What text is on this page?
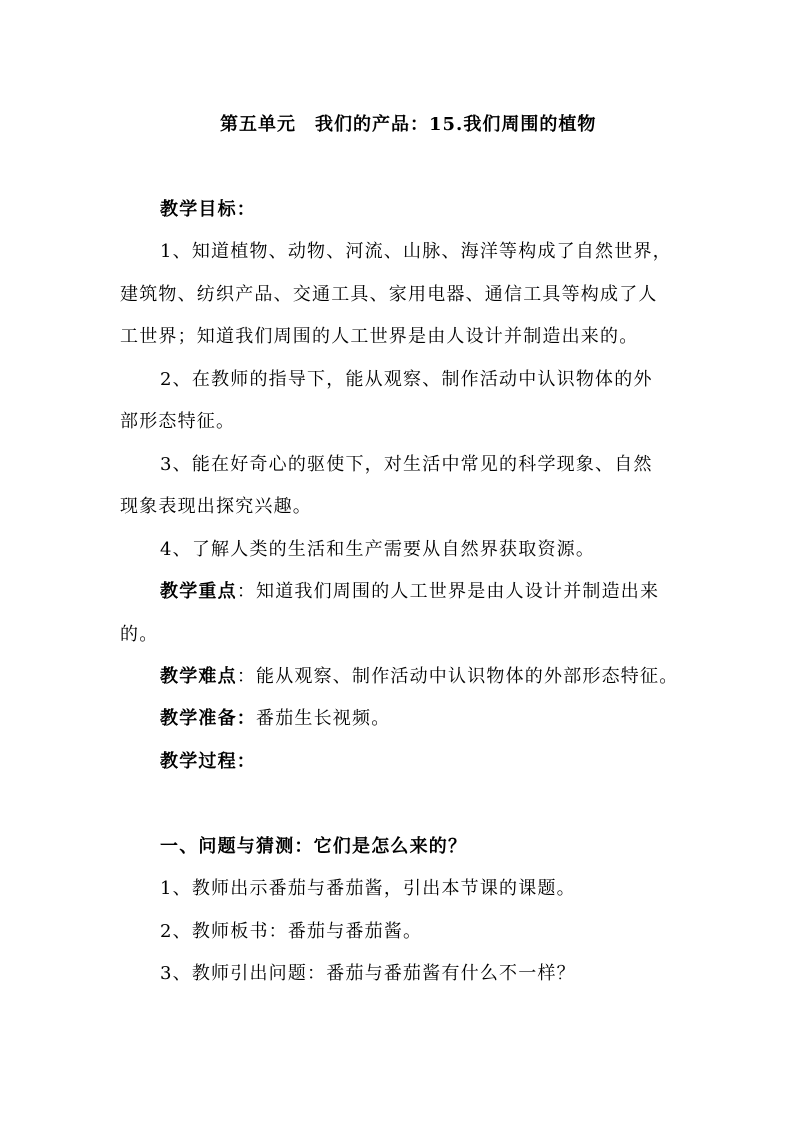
第五单元　我们的产品：15.我们周围的植物
教学目标：
1、知道植物、动物、河流、山脉、海洋等构成了自然世界，
建筑物、纺织产品、交通工具、家用电器、通信工具等构成了人
工世界；知道我们周围的人工世界是由人设计并制造出来的。
2、在教师的指导下，能从观察、制作活动中认识物体的外
部形态特征。
3、能在好奇心的驱使下，对生活中常见的科学现象、自然
现象表现出探究兴趣。
4、了解人类的生活和生产需要从自然界获取资源。
教学重点：知道我们周围的人工世界是由人设计并制造出来
的。
教学难点：能从观察、制作活动中认识物体的外部形态特征。
教学准备：番茄生长视频。
教学过程：
一、问题与猜测：它们是怎么来的？
1、教师出示番茄与番茄酱，引出本节课的课题。
2、教师板书：番茄与番茄酱。
3、教师引出问题：番茄与番茄酱有什么不一样？
